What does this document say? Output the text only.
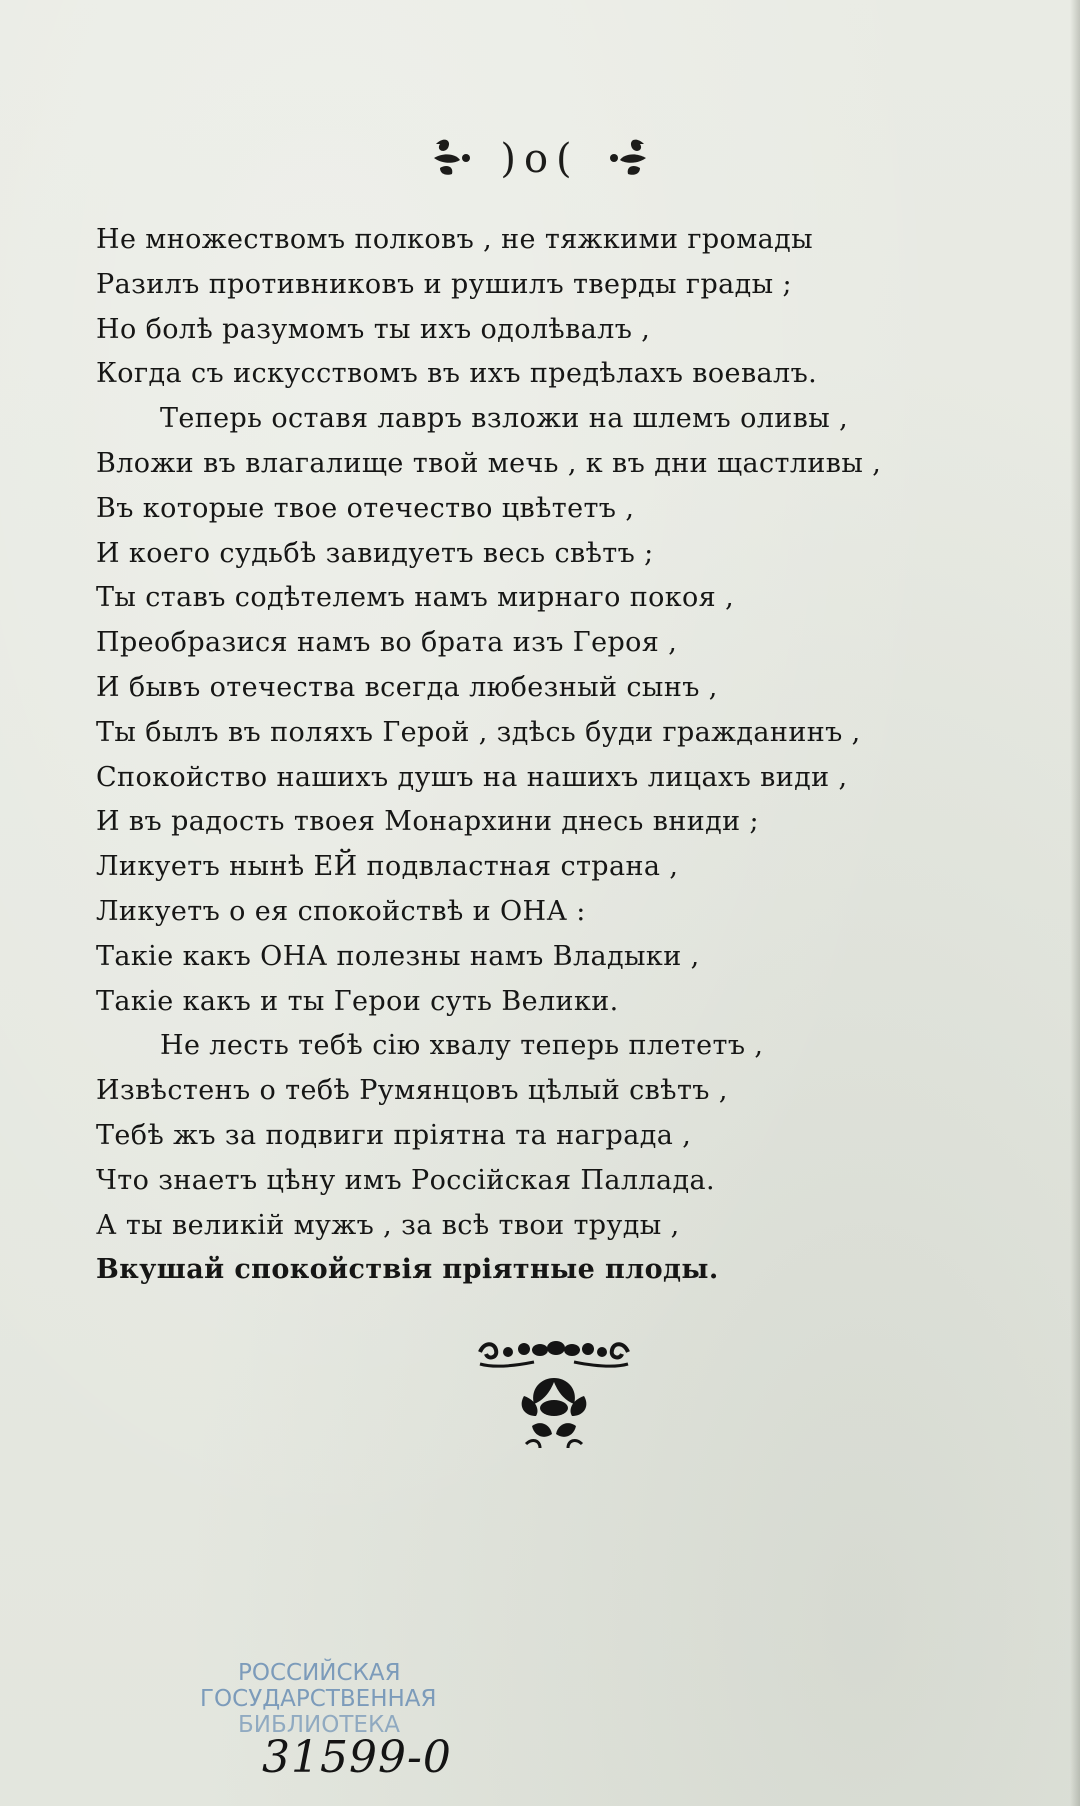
)o(
Не множествомъ полковъ , не тяжкими громады
Разилъ противниковъ и рушилъ тверды грады ;
Но болѣ разумомъ ты ихъ одолѣвалъ ,
Когда съ искусствомъ въ ихъ предѣлахъ воевалъ.
Теперь оставя лавръ взложи на шлемъ оливы ,
Вложи въ влагалище твой мечь , к въ дни щастливы ,
Въ которые твое отечество цвѣтетъ ,
И коего судьбѣ завидуетъ весь свѣтъ ;
Ты ставъ содѣтелемъ намъ мирнаго покоя ,
Преобразися намъ во брата изъ Героя ,
И бывъ отечества всегда любезный сынъ ,
Ты былъ въ поляхъ Герой , здѣсь буди гражданинъ ,
Спокойство нашихъ душъ на нашихъ лицахъ види ,
И въ радость твоея Монархини днесь вниди ;
Ликуетъ нынѣ ЕЙ подвластная страна ,
Ликуетъ о ея спокойствѣ и ОНА :
Такiе какъ ОНА полезны намъ Владыки ,
Такiе какъ и ты Герои суть Велики.
Не лесть тебѣ сiю хвалу теперь плететъ ,
Извѣстенъ о тебѣ Румянцовъ цѣлый свѣтъ ,
Тебѣ жъ за подвиги прiятна та награда ,
Что знаетъ цѣну имъ Россiйская Паллада.
А ты великiй мужъ , за всѣ твои труды ,
Вкушай спокойствiя прiятные плоды.
РОССИЙСКАЯ
ГОСУДАРСТВЕННАЯ
БИБЛИОТЕКА
31599-0
